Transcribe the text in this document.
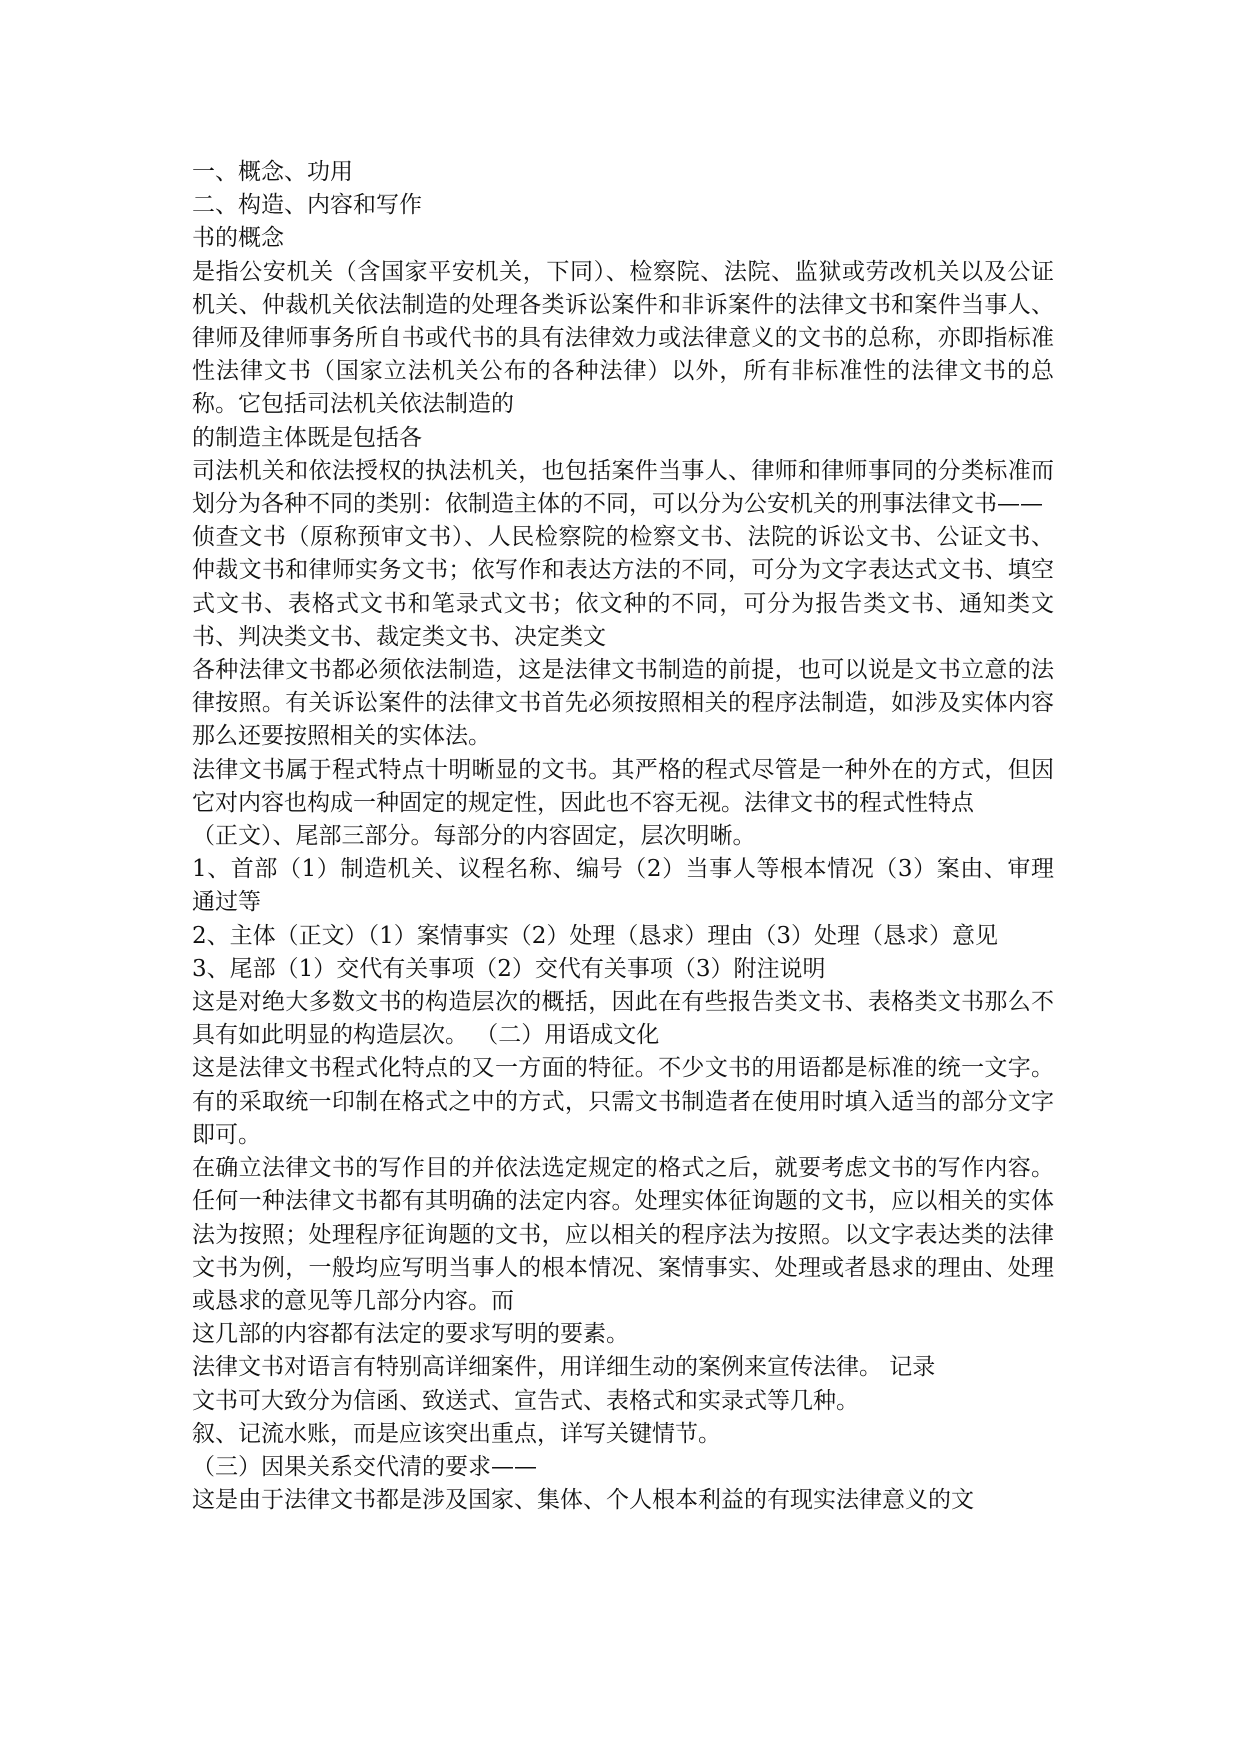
一、概念、功用

二、构造、内容和写作

书的概念

是指公安机关（含国家平安机关，下同）、检察院、法院、监狱或劳改机关以及公证机关、仲裁机关依法制造的处理各类诉讼案件和非诉案件的法律文书和案件当事人、律师及律师事务所自书或代书的具有法律效力或法律意义的文书的总称，亦即指标准性法律文书（国家立法机关公布的各种法律）以外，所有非标准性的法律文书的总称。它包括司法机关依法制造的

的制造主体既是包括各

司法机关和依法授权的执法机关，也包括案件当事人、律师和律师事同的分类标准而划分为各种不同的类别：依制造主体的不同，可以分为公安机关的刑事法律文书——

侦查文书（原称预审文书）、人民检察院的检察文书、法院的诉讼文书、公证文书、仲裁文书和律师实务文书；依写作和表达方法的不同，可分为文字表达式文书、填空式文书、表格式文书和笔录式文书；依文种的不同，可分为报告类文书、通知类文书、判决类文书、裁定类文书、决定类文

各种法律文书都必须依法制造，这是法律文书制造的前提，也可以说是文书立意的法律按照。有关诉讼案件的法律文书首先必须按照相关的程序法制造，如涉及实体内容那么还要按照相关的实体法。

法律文书属于程式特点十明晰显的文书。其严格的程式尽管是一种外在的方式，但因它对内容也构成一种固定的规定性，因此也不容无视。法律文书的程式性特点

（正文）、尾部三部分。每部分的内容固定，层次明晰。

1、首部（1）制造机关、议程名称、编号（2）当事人等根本情况（3）案由、审理通过等

2、主体（正文）（1）案情事实（2）处理（恳求）理由（3）处理（恳求）意见

3、尾部（1）交代有关事项（2）交代有关事项（3）附注说明

这是对绝大多数文书的构造层次的概括，因此在有些报告类文书、表格类文书那么不具有如此明显的构造层次。 （二）用语成文化

这是法律文书程式化特点的又一方面的特征。不少文书的用语都是标准的统一文字。有的采取统一印制在格式之中的方式，只需文书制造者在使用时填入适当的部分文字即可。

在确立法律文书的写作目的并依法选定规定的格式之后，就要考虑文书的写作内容。任何一种法律文书都有其明确的法定内容。处理实体征询题的文书，应以相关的实体法为按照；处理程序征询题的文书，应以相关的程序法为按照。以文字表达类的法律文书为例，一般均应写明当事人的根本情况、案情事实、处理或者恳求的理由、处理或恳求的意见等几部分内容。而

这几部的内容都有法定的要求写明的要素。

法律文书对语言有特别高详细案件，用详细生动的案例来宣传法律。 记录

文书可大致分为信函、致送式、宣告式、表格式和实录式等几种。

叙、记流水账，而是应该突出重点，详写关键情节。

（三）因果关系交代清的要求——

这是由于法律文书都是涉及国家、集体、个人根本利益的有现实法律意义的文
